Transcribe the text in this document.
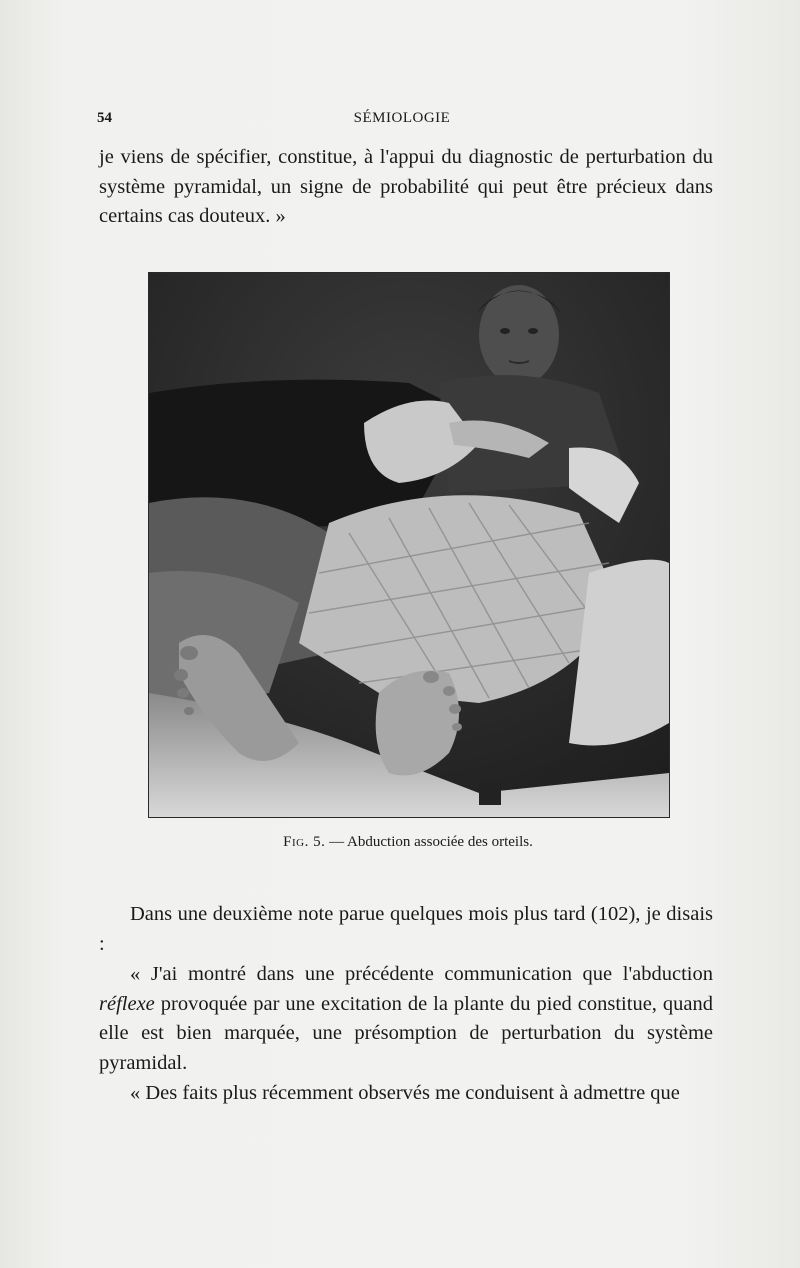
54	SÉMIOLOGIE

je viens de spécifier, constitue, à l'appui du diagnostic de perturbation du système pyramidal, un signe de probabilité qui peut être précieux dans certains cas douteux. »

Fig. 5. — Abduction associée des orteils.

Dans une deuxième note parue quelques mois plus tard (102), je disais :

« J'ai montré dans une précédente communication que l'abduction réflexe provoquée par une excitation de la plante du pied constitue, quand elle est bien marquée, une présomption de perturbation du système pyramidal.

« Des faits plus récemment observés me conduisent à admettre que
